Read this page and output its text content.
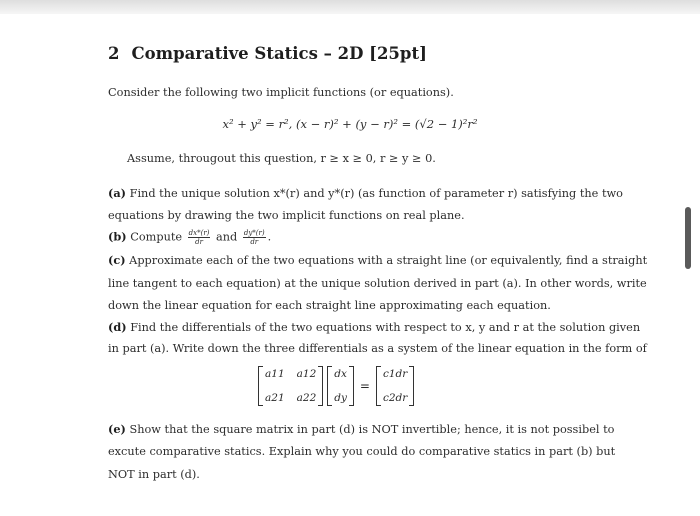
2 Comparative Statics – 2D [25pt]
Consider the following two implicit functions (or equations).
x² + y² = r², (x − r)² + (y − r)² = (√2 − 1)²r²
Assume, througout this question, r ≥ x ≥ 0, r ≥ y ≥ 0.
(a) Find the unique solution x*(r) and y*(r) (as function of parameter r) satisfying the two
equations by drawing the two implicit functions on real plane.
(b) Compute $\frac{dx*(r)}{dr}$ and $\frac{dy*(r)}{dr}$ .
(c) Approximate each of the two equations with a straight line (or equivalently, find a straight
line tangent to each equation) at the unique solution derived in part (a). In other words, write
down the linear equation for each straight line approximating each equation.
(d) Find the differentials of the two equations with respect to x, y and r at the solution given
in part (a). Write down the three differentials as a system of the linear equation in the form of
a11 a12
a21 a22
dx
dy
=
c1dr
c2dr
(e) Show that the square matrix in part (d) is NOT invertible; hence, it is not possibel to
excute comparative statics. Explain why you could do comparative statics in part (b) but
NOT in part (d).
